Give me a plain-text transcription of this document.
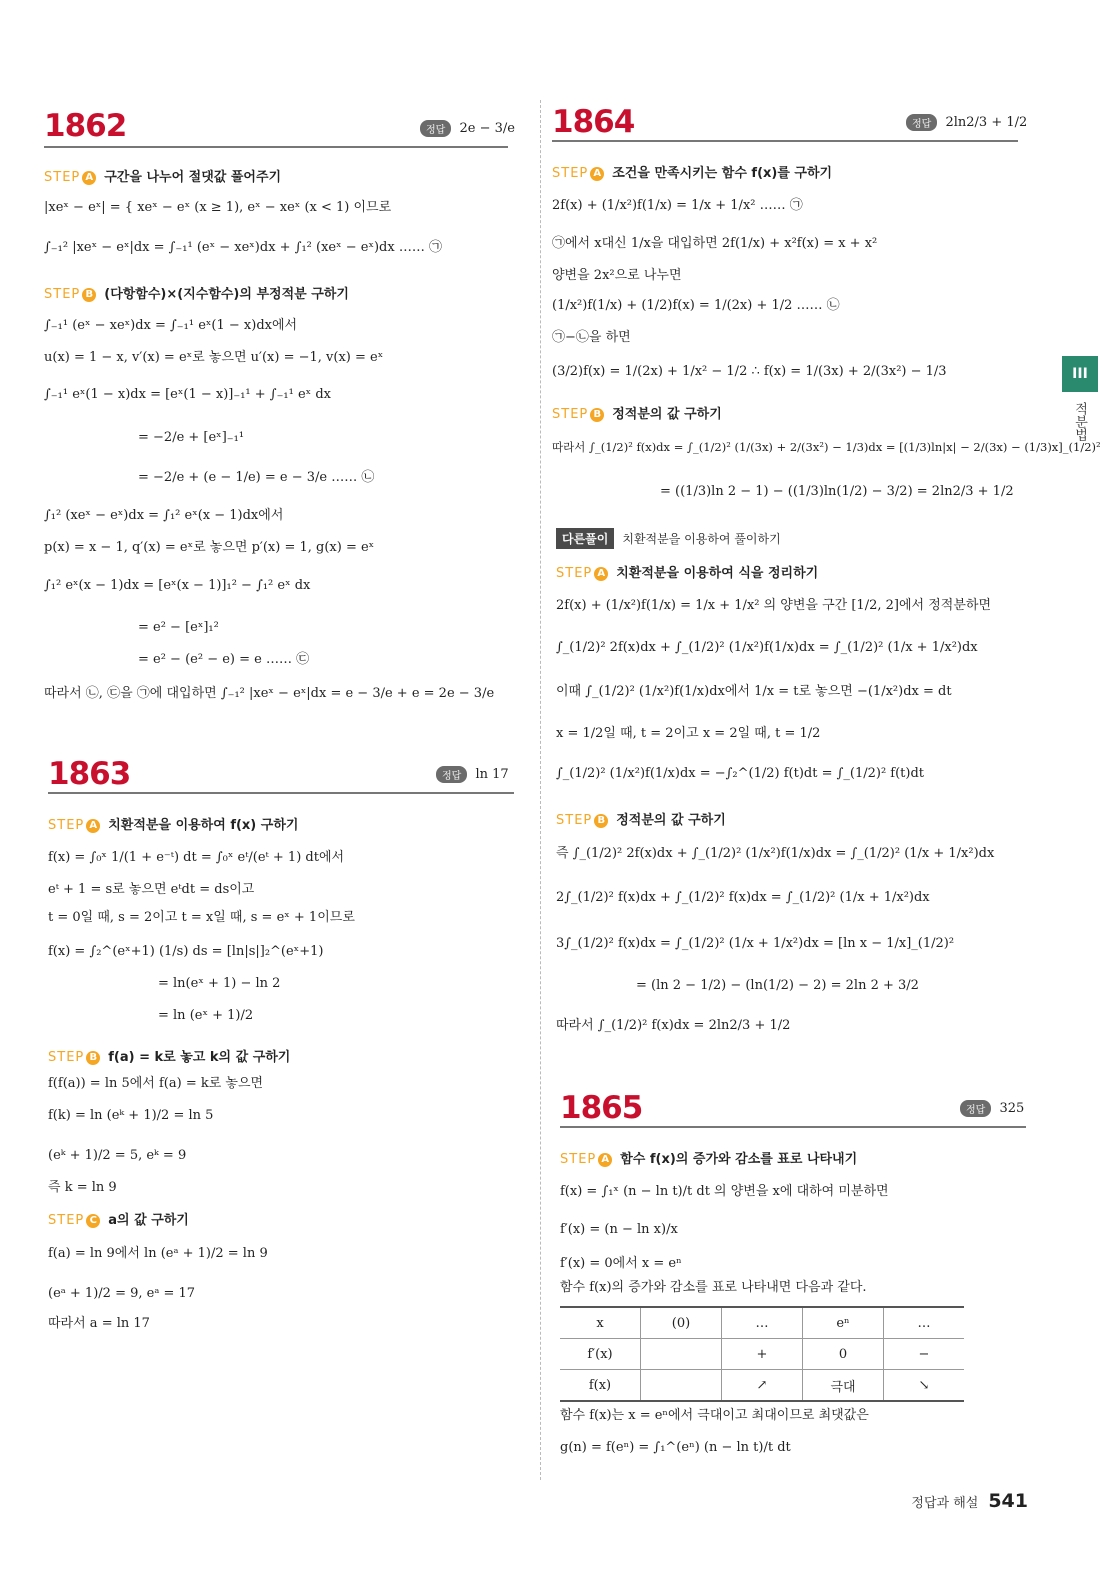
III
적분법
1862	정답 2e − 3/e
STEP A 구간을 나누어 절댓값 풀어주기
|xeˣ − eˣ| = { xeˣ − eˣ (x ≥ 1), eˣ − xeˣ (x < 1) 이므로
∫₋₁² |xeˣ − eˣ|dx = ∫₋₁¹ (eˣ − xeˣ)dx + ∫₁² (xeˣ − eˣ)dx …… ㉠
STEP B (다항함수)×(지수함수)의 부정적분 구하기
∫₋₁¹ (eˣ − xeˣ)dx = ∫₋₁¹ eˣ(1 − x)dx에서
u(x) = 1 − x, v′(x) = eˣ로 놓으면 u′(x) = −1, v(x) = eˣ
∫₋₁¹ eˣ(1 − x)dx = [eˣ(1 − x)]₋₁¹ + ∫₋₁¹ eˣ dx
= −2/e + [eˣ]₋₁¹
= −2/e + (e − 1/e) = e − 3/e …… ㉡
∫₁² (xeˣ − eˣ)dx = ∫₁² eˣ(x − 1)dx에서
p(x) = x − 1, q′(x) = eˣ로 놓으면 p′(x) = 1, g(x) = eˣ
∫₁² eˣ(x − 1)dx = [eˣ(x − 1)]₁² − ∫₁² eˣ dx
= e² − [eˣ]₁²
= e² − (e² − e) = e …… ㉢
따라서 ㉡, ㉢을 ㉠에 대입하면 ∫₋₁² |xeˣ − eˣ|dx = e − 3/e + e = 2e − 3/e
1863	정답 ln 17
STEP A 치환적분을 이용하여 f(x) 구하기
f(x) = ∫₀ˣ 1/(1 + e⁻ᵗ) dt = ∫₀ˣ eᵗ/(eᵗ + 1) dt에서
eᵗ + 1 = s로 놓으면 eᵗdt = ds이고
t = 0일 때, s = 2이고 t = x일 때, s = eˣ + 1이므로
f(x) = ∫₂^(eˣ+1) (1/s) ds = [ln|s|]₂^(eˣ+1)
= ln(eˣ + 1) − ln 2
= ln (eˣ + 1)/2
STEP B f(a) = k로 놓고 k의 값 구하기
f(f(a)) = ln 5에서 f(a) = k로 놓으면
f(k) = ln (eᵏ + 1)/2 = ln 5
(eᵏ + 1)/2 = 5, eᵏ = 9
즉 k = ln 9
STEP C a의 값 구하기
f(a) = ln 9에서 ln (eᵃ + 1)/2 = ln 9
(eᵃ + 1)/2 = 9, eᵃ = 17
따라서 a = ln 17
1864	정답 2ln2/3 + 1/2
STEP A 조건을 만족시키는 함수 f(x)를 구하기
2f(x) + (1/x²)f(1/x) = 1/x + 1/x² …… ㉠
㉠에서 x대신 1/x을 대입하면 2f(1/x) + x²f(x) = x + x²
양변을 2x²으로 나누면
(1/x²)f(1/x) + (1/2)f(x) = 1/(2x) + 1/2 …… ㉡
㉠−㉡을 하면
(3/2)f(x) = 1/(2x) + 1/x² − 1/2 ∴ f(x) = 1/(3x) + 2/(3x²) − 1/3
STEP B 정적분의 값 구하기
따라서 ∫_(1/2)² f(x)dx = ∫_(1/2)² (1/(3x) + 2/(3x²) − 1/3)dx = [(1/3)ln|x| − 2/(3x) − (1/3)x]_(1/2)²
= ((1/3)ln 2 − 1) − ((1/3)ln(1/2) − 3/2) = 2ln2/3 + 1/2
다른풀이 치환적분을 이용하여 풀이하기
STEP A 치환적분을 이용하여 식을 정리하기
2f(x) + (1/x²)f(1/x) = 1/x + 1/x² 의 양변을 구간 [1/2, 2]에서 정적분하면
∫_(1/2)² 2f(x)dx + ∫_(1/2)² (1/x²)f(1/x)dx = ∫_(1/2)² (1/x + 1/x²)dx
이때 ∫_(1/2)² (1/x²)f(1/x)dx에서 1/x = t로 놓으면 −(1/x²)dx = dt
x = 1/2일 때, t = 2이고 x = 2일 때, t = 1/2
∫_(1/2)² (1/x²)f(1/x)dx = −∫₂^(1/2) f(t)dt = ∫_(1/2)² f(t)dt
STEP B 정적분의 값 구하기
즉 ∫_(1/2)² 2f(x)dx + ∫_(1/2)² (1/x²)f(1/x)dx = ∫_(1/2)² (1/x + 1/x²)dx
2∫_(1/2)² f(x)dx + ∫_(1/2)² f(x)dx = ∫_(1/2)² (1/x + 1/x²)dx
3∫_(1/2)² f(x)dx = ∫_(1/2)² (1/x + 1/x²)dx = [ln x − 1/x]_(1/2)²
= (ln 2 − 1/2) − (ln(1/2) − 2) = 2ln 2 + 3/2
따라서 ∫_(1/2)² f(x)dx = 2ln2/3 + 1/2
1865	정답 325
STEP A 함수 f(x)의 증가와 감소를 표로 나타내기
f(x) = ∫₁ˣ (n − ln t)/t dt 의 양변을 x에 대하여 미분하면
f′(x) = (n − ln x)/x
f′(x) = 0에서 x = eⁿ
함수 f(x)의 증가와 감소를 표로 나타내면 다음과 같다.
x	(0)	…	eⁿ	…
f′(x)		+	0	−
f(x)		↗	극대	↘
함수 f(x)는 x = eⁿ에서 극대이고 최대이므로 최댓값은
g(n) = f(eⁿ) = ∫₁^(eⁿ) (n − ln t)/t dt
정답과 해설 541
